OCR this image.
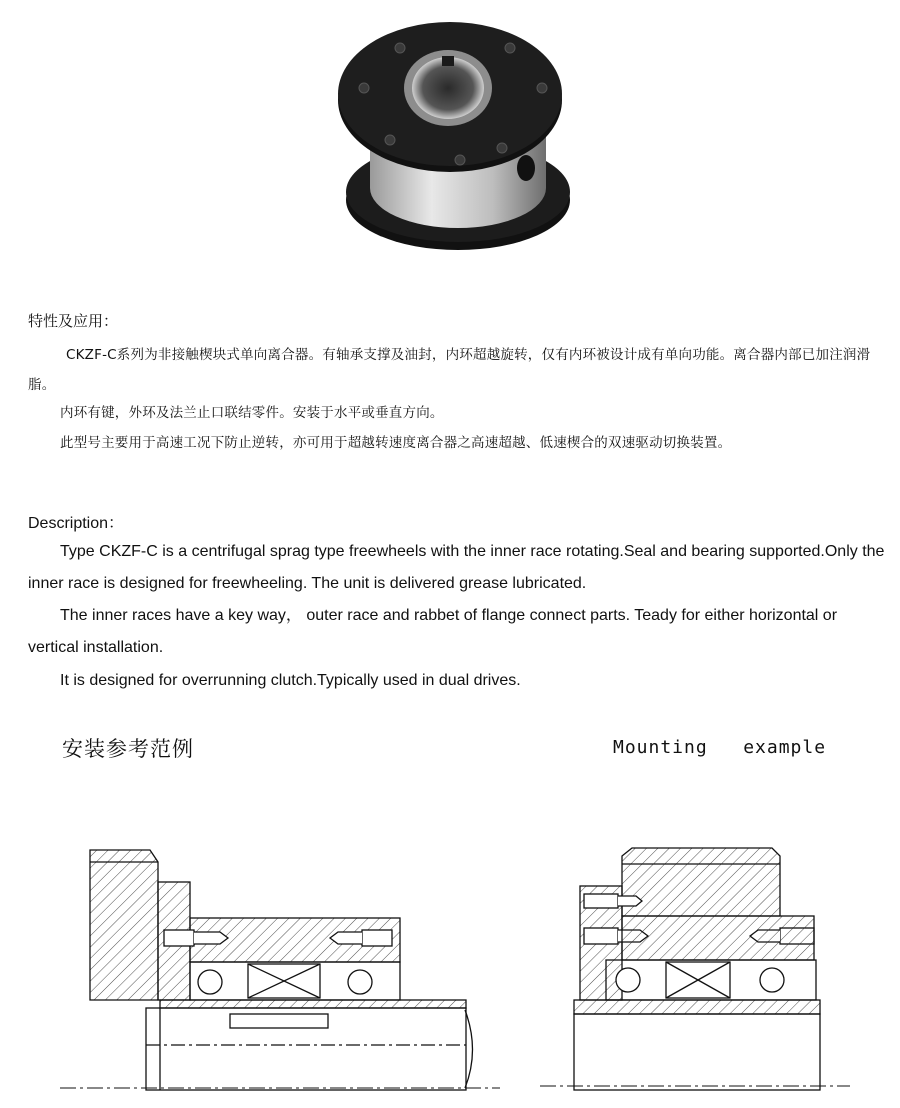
特性及应用：
CKZF-C系列为非接触楔块式单向离合器。有轴承支撑及油封，内环超越旋转，仅有内环被设计成有单向功能。离合器内部已加注润滑脂。
内环有键，外环及法兰止口联结零件。安装于水平或垂直方向。
此型号主要用于高速工况下防止逆转，亦可用于超越转速度离合器之高速超越、低速楔合的双速驱动切换装置。
Description：
Type CKZF-C is a centrifugal sprag type freewheels with the inner race rotating.Seal and bearing supported.Only the inner race is designed for freewheeling. The unit is delivered grease lubricated.
The inner races have a key way， outer race and rabbet of flange connect parts. Teady for either horizontal or vertical installation.
It is designed for overrunning clutch.Typically used in dual drives.
安装参考范例	Mounting   example
